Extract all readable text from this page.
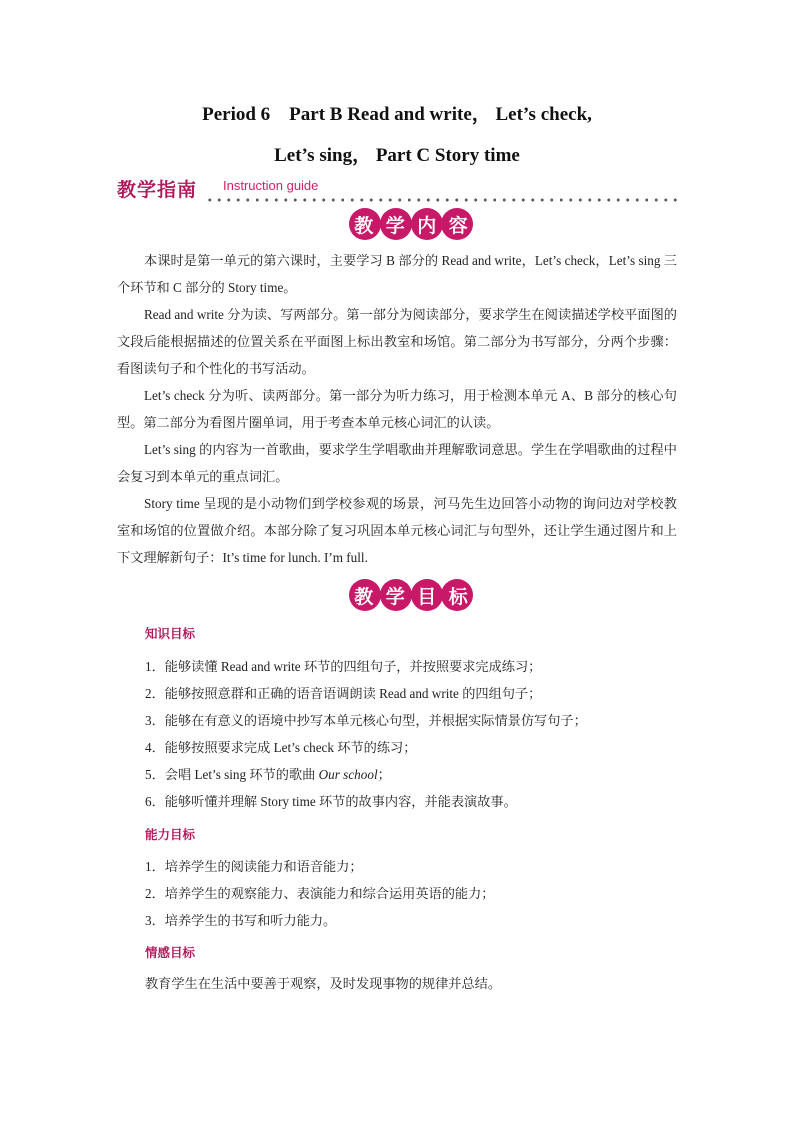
Period 6　Part B Read and write， Let’s check,
Let’s sing， Part C Story time
教学指南 Instruction guide
教 学 内 容

本课时是第一单元的第六课时，主要学习 B 部分的 Read and write，Let’s check，Let’s sing 三个环节和 C 部分的 Story time。

Read and write 分为读、写两部分。第一部分为阅读部分，要求学生在阅读描述学校平面图的文段后能根据描述的位置关系在平面图上标出教室和场馆。第二部分为书写部分，分两个步骤：看图读句子和个性化的书写活动。

Let’s check 分为听、读两部分。第一部分为听力练习，用于检测本单元 A、B 部分的核心句型。第二部分为看图片圈单词，用于考查本单元核心词汇的认读。

Let’s sing 的内容为一首歌曲，要求学生学唱歌曲并理解歌词意思。学生在学唱歌曲的过程中会复习到本单元的重点词汇。

Story time 呈现的是小动物们到学校参观的场景，河马先生边回答小动物的询问边对学校教室和场馆的位置做介绍。本部分除了复习巩固本单元核心词汇与句型外，还让学生通过图片和上下文理解新句子：It’s time for lunch. I’m full.

教 学 目 标
知识目标
1．能够读懂 Read and write 环节的四组句子，并按照要求完成练习；
2．能够按照意群和正确的语音语调朗读 Read and write 的四组句子；
3．能够在有意义的语境中抄写本单元核心句型，并根据实际情景仿写句子；
4．能够按照要求完成 Let’s check 环节的练习；
5．会唱 Let’s sing 环节的歌曲 Our school；
6．能够听懂并理解 Story time 环节的故事内容，并能表演故事。
能力目标
1．培养学生的阅读能力和语音能力；
2．培养学生的观察能力、表演能力和综合运用英语的能力；
3．培养学生的书写和听力能力。
情感目标
教育学生在生活中要善于观察，及时发现事物的规律并总结。
